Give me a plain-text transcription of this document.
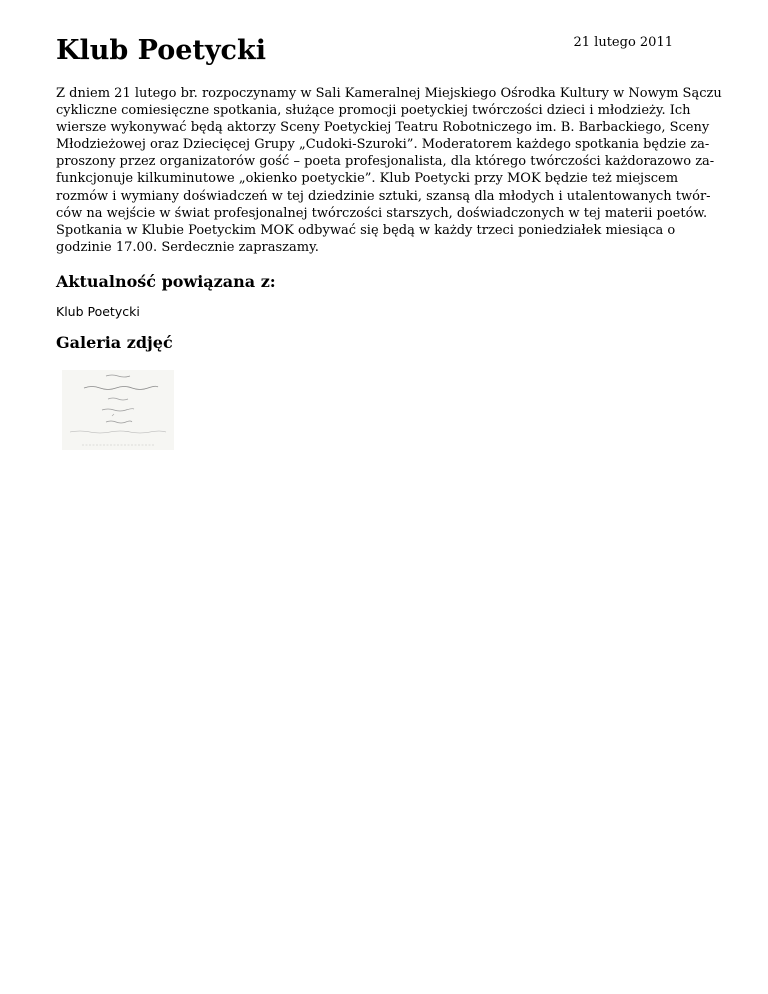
Klub Poetycki	21 lutego 2011

Z dniem 21 lutego br. rozpoczynamy w Sali Kameralnej Miejskiego Ośrodka Kultury w Nowym Sączu
cykliczne comiesięczne spotkania, służące promocji poetyckiej twórczości dzieci i młodzieży. Ich
wiersze wykonywać będą aktorzy Sceny Poetyckiej Teatru Robotniczego im. B. Barbackiego, Sceny
Młodzieżowej oraz Dziecięcej Grupy „Cudoki-Szuroki”. Moderatorem każdego spotkania będzie za-
proszony przez organizatorów gość – poeta profesjonalista, dla którego twórczości każdorazowo za-
funkcjonuje kilkuminutowe „okienko poetyckie”. Klub Poetycki przy MOK będzie też miejscem
rozmów i wymiany doświadczeń w tej dziedzinie sztuki, szansą dla młodych i utalentowanych twór-
ców na wejście w świat profesjonalnej twórczości starszych, doświadczonych w tej materii poetów.
Spotkania w Klubie Poetyckim MOK odbywać się będą w każdy trzeci poniedziałek miesiąca o
godzinie 17.00. Serdecznie zapraszamy.

Aktualność powiązana z:
Klub Poetycki
Galeria zdjęć
